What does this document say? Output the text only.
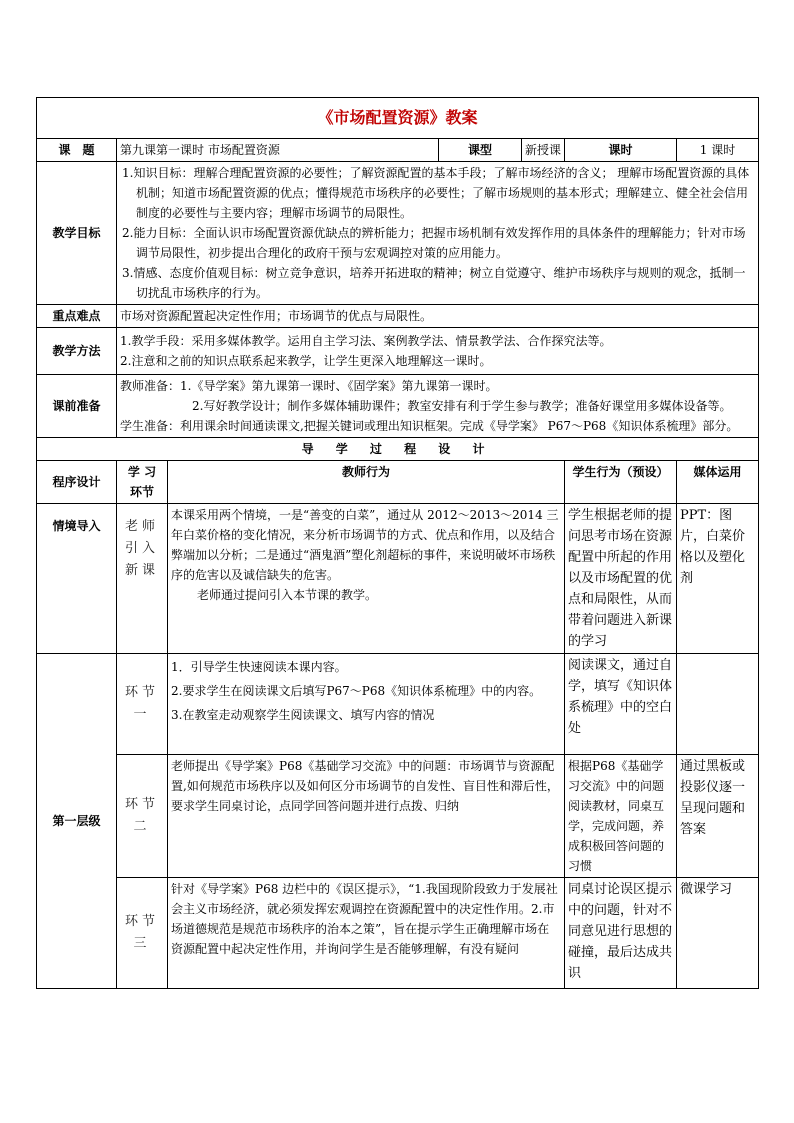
《市场配置资源》教案						
课　题	第九课第一课时 市场配置资源		课型	新授课	课时	1 课时
教学目标	1.知识目标：理解合理配置资源的必要性；了解资源配置的基本手段；了解市场经济的含义； 理解市场配置资源的具体机制；知道市场配置资源的优点；懂得规范市场秩序的必要性；了解市场规则的基本形式；理解建立、健全社会信用制度的必要性与主要内容；理解市场调节的局限性。

2.能力目标：全面认识市场配置资源优缺点的辨析能力；把握市场机制有效发挥作用的具体条件的理解能力；针对市场调节局限性，初步提出合理化的政府干预与宏观调控对策的应用能力。

3.情感、态度价值观目标：树立竞争意识，培养开拓进取的精神；树立自觉遵守、维护市场秩序与规则的观念，抵制一切扰乱市场秩序的行为。					

重点难点	市场对资源配置起决定性作用；市场调节的优点与局限性。					
教学方法	1.教学手段：采用多媒体教学。运用自主学习法、案例教学法、情景教学法、合作探究法等。

2.注意和之前的知识点联系起来教学，让学生更深入地理解这一课时。					

课前准备	教师准备：1.《导学案》第九课第一课时、《固学案》第九课第一课时。

2.写好教学设计；制作多媒体辅助课件；教室安排有利于学生参与教学；准备好课堂用多媒体设备等。

学生准备：利用课余时间通读课文,把握关键词或理出知识框架。完成《导学案》 P67～P68《知识体系梳理》部分。					

导 学 过 程 设 计						
程序设计	学 习 环节	教师行为			学生行为（预设）	媒体运用
情境导入	老师引入新课	本课采用两个情境，一是“善变的白菜”，通过从 2012～2013～2014 三年白菜价格的变化情况，来分析市场调节的方式、优点和作用，以及结合弊端加以分析；二是通过“酒鬼酒”塑化剂超标的事件，来说明破坏市场秩序的危害以及诚信缺失的危害。

老师通过提问引入本节课的教学。			学生根据老师的提问思考市场在资源配置中所起的作用以及市场配置的优点和局限性，从而带着问题进入新课的学习	PPT：图片，白菜价格以及塑化剂
第一层级	环节一	1．引导学生快速阅读本课内容。

2.要求学生在阅读课文后填写P67～P68《知识体系梳理》中的内容。

3.在教室走动观察学生阅读课文、填写内容的情况			阅读课文，通过自学，填写《知识体系梳理》中的空白处	
	环节二	老师提出《导学案》P68《基础学习交流》中的问题：市场调节与资源配置,如何规范市场秩序以及如何区分市场调节的自发性、盲目性和滞后性，要求学生同桌讨论，点同学回答问题并进行点拨、归纳			根据P68《基础学习交流》中的问题阅读教材，同桌互学，完成问题，养成积极回答问题的习惯	通过黑板或投影仪逐一呈现问题和答案
	环节三	针对《导学案》P68 边栏中的《误区提示》，“1.我国现阶段致力于发展社会主义市场经济，就必须发挥宏观调控在资源配置中的决定性作用。2.市场道德规范是规范市场秩序的治本之策”，旨在提示学生正确理解市场在资源配置中起决定性作用，并询问学生是否能够理解，有没有疑问			同桌讨论误区提示中的问题，针对不同意见进行思想的碰撞，最后达成共识	微课学习
